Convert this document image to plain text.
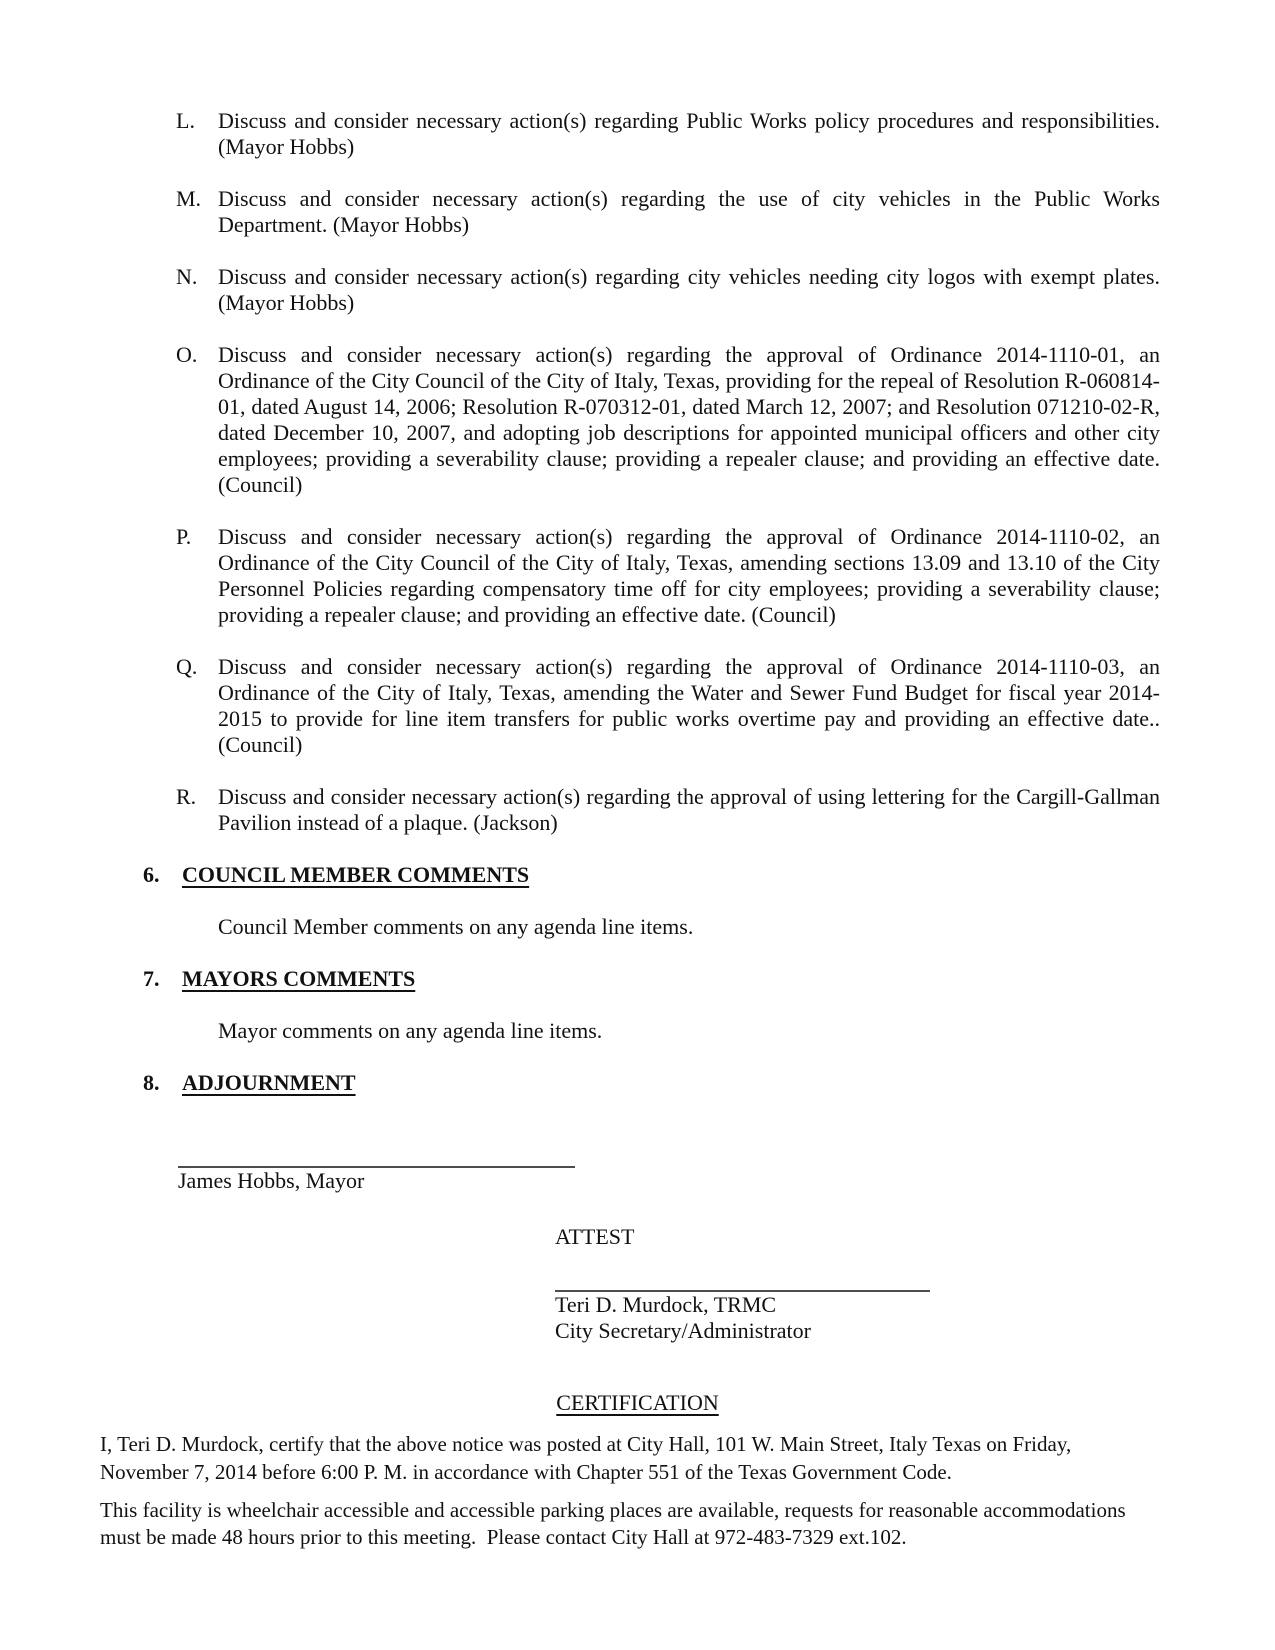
L. Discuss and consider necessary action(s) regarding Public Works policy procedures and responsibilities. (Mayor Hobbs)
M. Discuss and consider necessary action(s) regarding the use of city vehicles in the Public Works Department. (Mayor Hobbs)
N. Discuss and consider necessary action(s) regarding city vehicles needing city logos with exempt plates. (Mayor Hobbs)
O. Discuss and consider necessary action(s) regarding the approval of Ordinance 2014-1110-01, an Ordinance of the City Council of the City of Italy, Texas, providing for the repeal of Resolution R-060814-01, dated August 14, 2006; Resolution R-070312-01, dated March 12, 2007; and Resolution 071210-02-R, dated December 10, 2007, and adopting job descriptions for appointed municipal officers and other city employees; providing a severability clause; providing a repealer clause; and providing an effective date. (Council)
P. Discuss and consider necessary action(s) regarding the approval of Ordinance 2014-1110-02, an Ordinance of the City Council of the City of Italy, Texas, amending sections 13.09 and 13.10 of the City Personnel Policies regarding compensatory time off for city employees; providing a severability clause; providing a repealer clause; and providing an effective date. (Council)
Q. Discuss and consider necessary action(s) regarding the approval of Ordinance 2014-1110-03, an Ordinance of the City of Italy, Texas, amending the Water and Sewer Fund Budget for fiscal year 2014-2015 to provide for line item transfers for public works overtime pay and providing an effective date..(Council)
R. Discuss and consider necessary action(s) regarding the approval of using lettering for the Cargill-Gallman Pavilion instead of a plaque. (Jackson)
6. COUNCIL MEMBER COMMENTS
Council Member comments on any agenda line items.
7. MAYORS COMMENTS
Mayor comments on any agenda line items.
8. ADJOURNMENT
James Hobbs, Mayor
ATTEST
Teri D. Murdock, TRMC
City Secretary/Administrator
CERTIFICATION
I, Teri D. Murdock, certify that the above notice was posted at City Hall, 101 W. Main Street, Italy Texas on Friday, November 7, 2014 before 6:00 P. M. in accordance with Chapter 551 of the Texas Government Code.
This facility is wheelchair accessible and accessible parking places are available, requests for reasonable accommodations must be made 48 hours prior to this meeting.  Please contact City Hall at 972-483-7329 ext.102.
